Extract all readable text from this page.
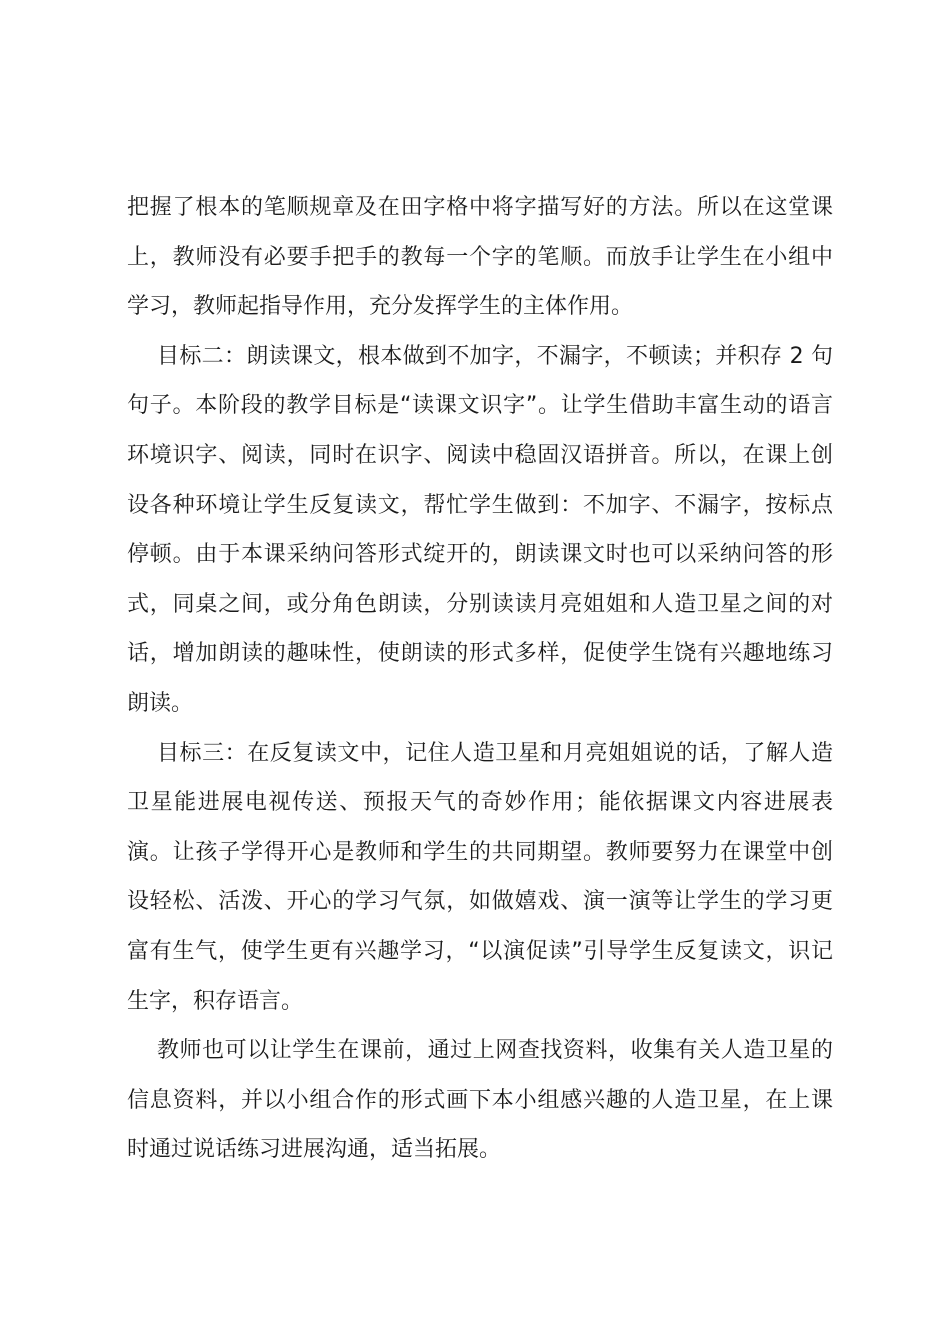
把握了根本的笔顺规章及在田字格中将字描写好的方法。所以在这堂课
上，教师没有必要手把手的教每一个字的笔顺。而放手让学生在小组中
学习，教师起指导作用，充分发挥学生的主体作用。
目标二：朗读课文，根本做到不加字，不漏字，不顿读；并积存 2 句
句子。本阶段的教学目标是“读课文识字”。让学生借助丰富生动的语言
环境识字、阅读，同时在识字、阅读中稳固汉语拼音。所以，在课上创
设各种环境让学生反复读文，帮忙学生做到：不加字、不漏字，按标点
停顿。由于本课采纳问答形式绽开的，朗读课文时也可以采纳问答的形
式，同桌之间，或分角色朗读，分别读读月亮姐姐和人造卫星之间的对
话，增加朗读的趣味性，使朗读的形式多样，促使学生饶有兴趣地练习
朗读。
目标三：在反复读文中，记住人造卫星和月亮姐姐说的话，了解人造
卫星能进展电视传送、预报天气的奇妙作用；能依据课文内容进展表
演。让孩子学得开心是教师和学生的共同期望。教师要努力在课堂中创
设轻松、活泼、开心的学习气氛，如做嬉戏、演一演等让学生的学习更
富有生气，使学生更有兴趣学习，“以演促读”引导学生反复读文，识记
生字，积存语言。
教师也可以让学生在课前，通过上网查找资料，收集有关人造卫星的
信息资料，并以小组合作的形式画下本小组感兴趣的人造卫星，在上课
时通过说话练习进展沟通，适当拓展。
